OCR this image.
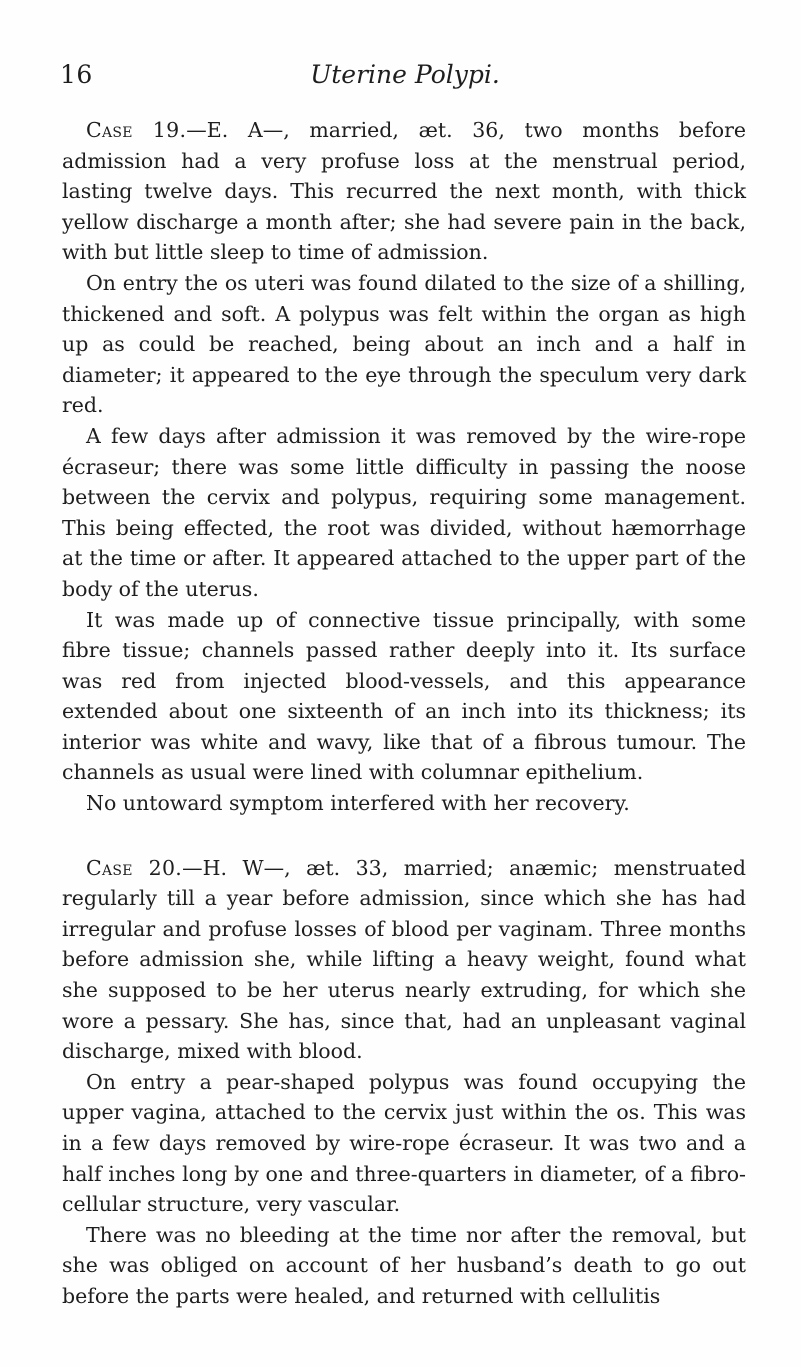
16	Uterine Polypi.

Case 19.—E. A—, married, æt. 36, two months before admission had a very profuse loss at the menstrual period, lasting twelve days. This recurred the next month, with thick yellow discharge a month after; she had severe pain in the back, with but little sleep to time of admission.

On entry the os uteri was found dilated to the size of a shilling, thickened and soft. A polypus was felt within the organ as high up as could be reached, being about an inch and a half in diameter; it appeared to the eye through the speculum very dark red.

A few days after admission it was removed by the wire-rope écraseur; there was some little difficulty in passing the noose between the cervix and polypus, requiring some management. This being effected, the root was divided, without hæmorrhage at the time or after. It appeared attached to the upper part of the body of the uterus.

It was made up of connective tissue principally, with some fibre tissue; channels passed rather deeply into it. Its surface was red from injected blood-vessels, and this appearance extended about one sixteenth of an inch into its thickness; its interior was white and wavy, like that of a fibrous tumour. The channels as usual were lined with columnar epithelium.

No untoward symptom interfered with her recovery.

Case 20.—H. W—, æt. 33, married; anæmic; menstruated regularly till a year before admission, since which she has had irregular and profuse losses of blood per vaginam. Three months before admission she, while lifting a heavy weight, found what she supposed to be her uterus nearly extruding, for which she wore a pessary. She has, since that, had an unpleasant vaginal discharge, mixed with blood.

On entry a pear-shaped polypus was found occupying the upper vagina, attached to the cervix just within the os. This was in a few days removed by wire-rope écraseur. It was two and a half inches long by one and three-quarters in diameter, of a fibro-cellular structure, very vascular.

There was no bleeding at the time nor after the removal, but she was obliged on account of her husband’s death to go out before the parts were healed, and returned with cellulitis
